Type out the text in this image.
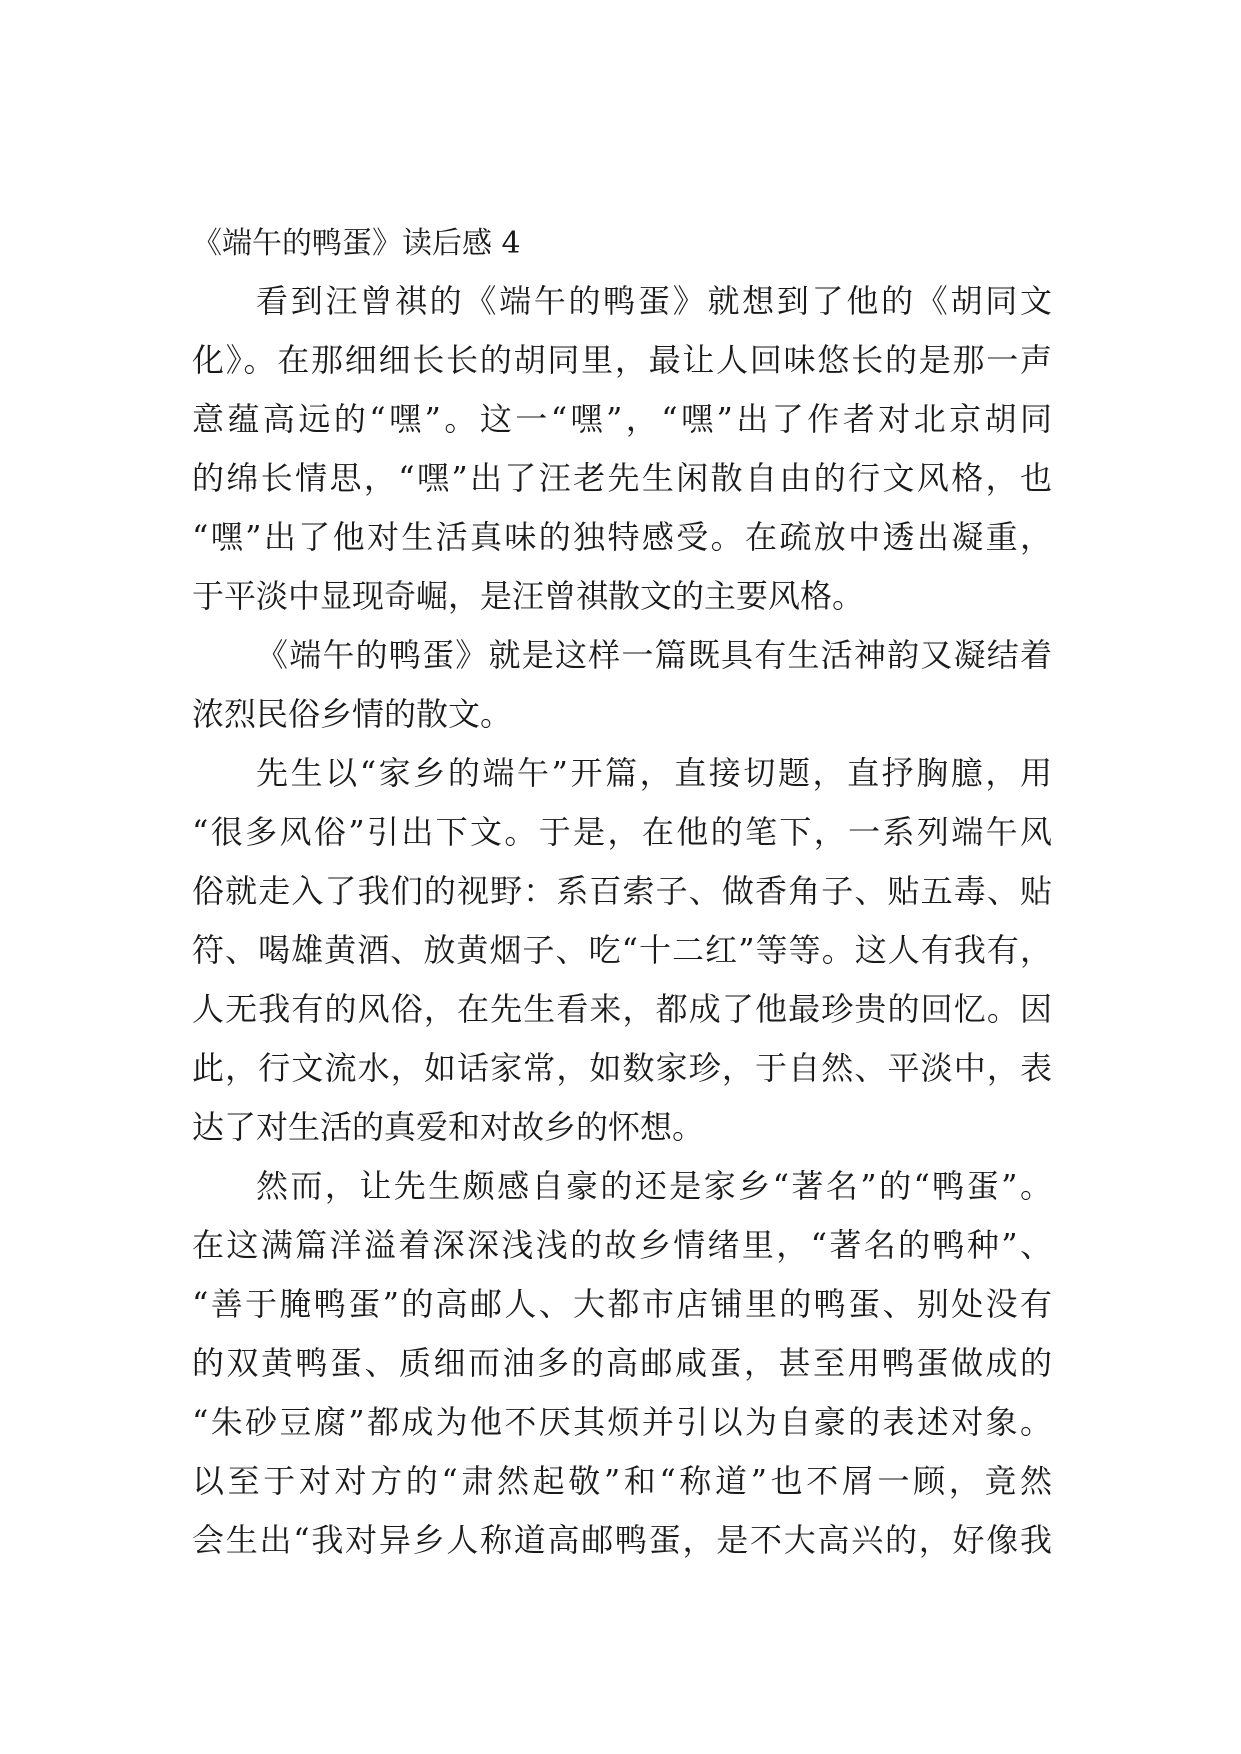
《端午的鸭蛋》读后感 4
看到汪曾祺的《端午的鸭蛋》就想到了他的《胡同文
化》。在那细细长长的胡同里，最让人回味悠长的是那一声
意蕴高远的“嘿”。这一“嘿”，“嘿”出了作者对北京胡同
的绵长情思，“嘿”出了汪老先生闲散自由的行文风格，也
“嘿”出了他对生活真味的独特感受。在疏放中透出凝重，
于平淡中显现奇崛，是汪曾祺散文的主要风格。
《端午的鸭蛋》就是这样一篇既具有生活神韵又凝结着
浓烈民俗乡情的散文。
先生以“家乡的端午”开篇，直接切题，直抒胸臆，用
“很多风俗”引出下文。于是，在他的笔下，一系列端午风
俗就走入了我们的视野：系百索子、做香角子、贴五毒、贴
符、喝雄黄酒、放黄烟子、吃“十二红”等等。这人有我有，
人无我有的风俗，在先生看来，都成了他最珍贵的回忆。因
此，行文流水，如话家常，如数家珍，于自然、平淡中，表
达了对生活的真爱和对故乡的怀想。
然而，让先生颇感自豪的还是家乡“著名”的“鸭蛋”。
在这满篇洋溢着深深浅浅的故乡情绪里，“著名的鸭种”、
“善于腌鸭蛋”的高邮人、大都市店铺里的鸭蛋、别处没有
的双黄鸭蛋、质细而油多的高邮咸蛋，甚至用鸭蛋做成的
“朱砂豆腐”都成为他不厌其烦并引以为自豪的表述对象。
以至于对对方的“肃然起敬”和“称道”也不屑一顾，竟然
会生出“我对异乡人称道高邮鸭蛋，是不大高兴的，好像我
